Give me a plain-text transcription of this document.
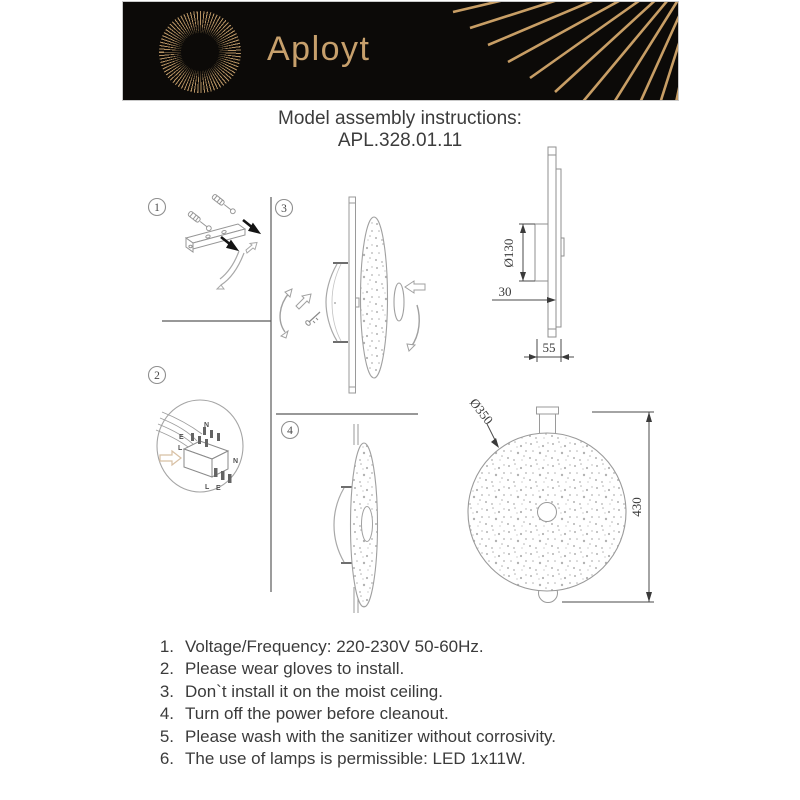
Aployt
Model assembly instructions:
APL.328.01.11
1
2
3
4
N
E
L
N
L E
Ø130
30
55
Ø350
430
1. Voltage/Frequency: 220-230V 50-60Hz.
2. Please wear gloves to install.
3. Don`t install it on the moist ceiling.
4. Turn off the power before cleanout.
5. Please wash with the sanitizer without corrosivity.
6. The use of lamps is permissible: LED 1x11W.
